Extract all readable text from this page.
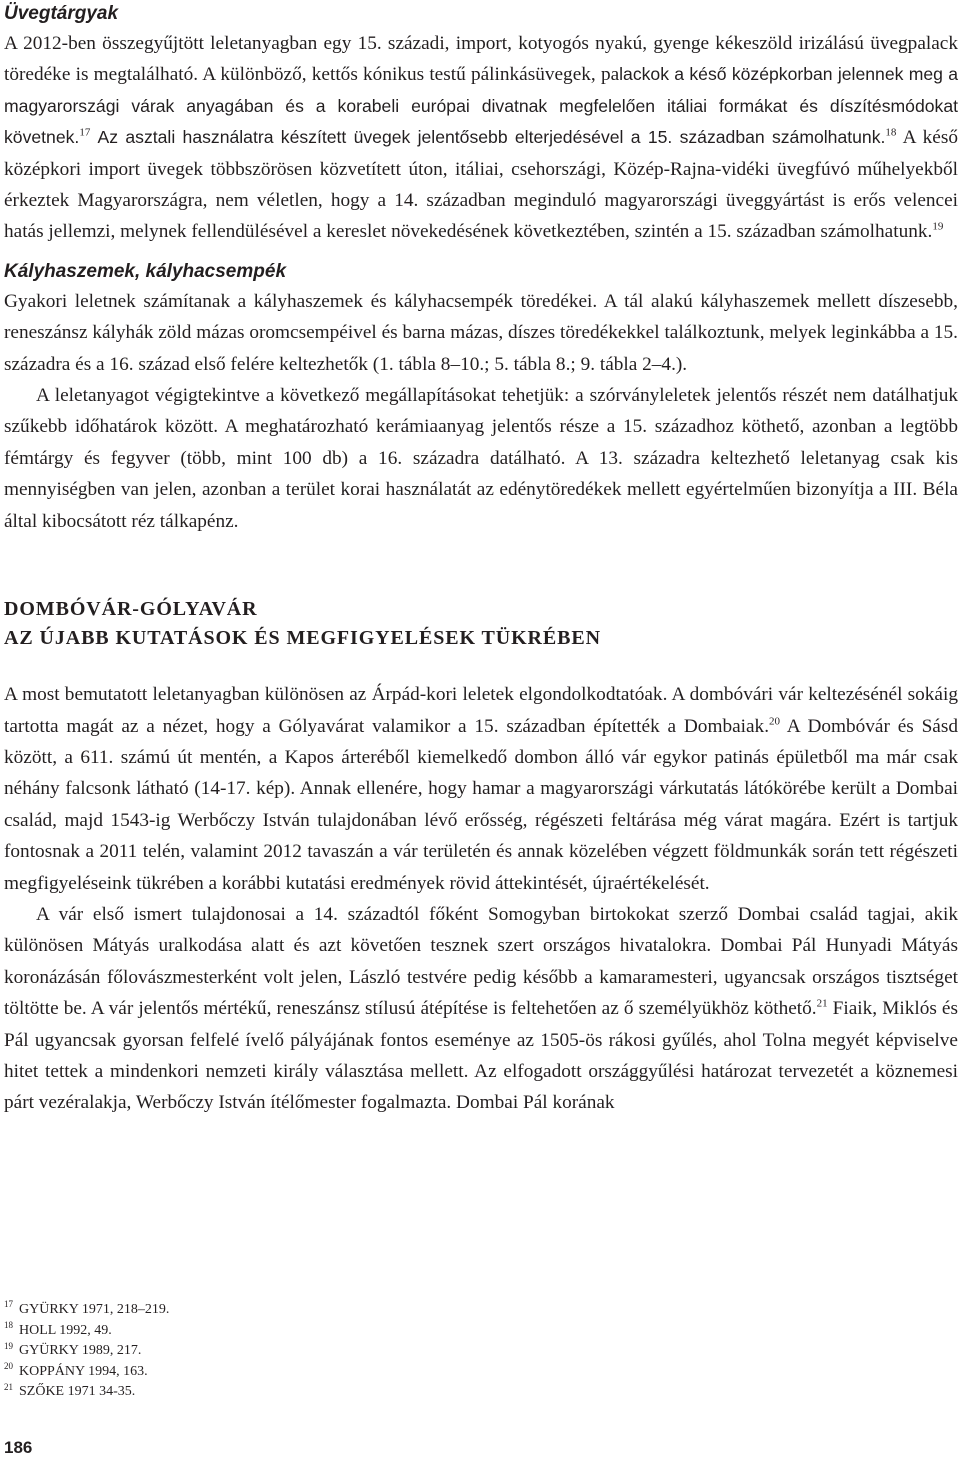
Üvegtárgyak

A 2012-ben összegyűjtött leletanyagban egy 15. századi, import, kotyogós nyakú, gyenge kékeszöld irizálású üvegpalack töredéke is megtalálható. A különböző, kettős kónikus testű pálinkásüvegek, palackok a késő középkorban jelennek meg a magyarországi várak anyagában és a korabeli európai divatnak megfelelően itáliai formákat és díszítésmódokat követnek.$^{17}$ Az asztali használatra készített üvegek jelentősebb elterjedésével a 15. században számolhatunk.$^{18}$ A késő középkori import üvegek többszörösen közvetített úton, itáliai, csehországi, Közép-Rajna-vidéki üvegfúvó műhelyekből érkeztek Magyarországra, nem véletlen, hogy a 14. században meginduló magyarországi üveggyártást is erős velencei hatás jellemzi, melynek fellendülésével a kereslet növekedésének következtében, szintén a 15. században számolhatunk.$^{19}$

Kályhaszemek, kályhacsempék

Gyakori leletnek számítanak a kályhaszemek és kályhacsempék töredékei. A tál alakú kályhaszemek mellett díszesebb, reneszánsz kályhák zöld mázas oromcsempéivel és barna mázas, díszes töredékekkel találkoztunk, melyek leginkábba a 15. századra és a 16. század első felére keltezhetők (1. tábla 8–10.; 5. tábla 8.; 9. tábla 2–4.).

A leletanyagot végigtekintve a következő megállapításokat tehetjük: a szórványleletek jelentős részét nem datálhatjuk szűkebb időhatárok között. A meghatározható kerámiaanyag jelentős része a 15. századhoz köthető, azonban a legtöbb fémtárgy és fegyver (több, mint 100 db) a 16. századra datálható. A 13. századra keltezhető leletanyag csak kis mennyiségben van jelen, azonban a terület korai használatát az edénytöredékek mellett egyértelműen bizonyítja a III. Béla által kibocsátott réz tálkapénz.

DOMBÓVÁR-GÓLYAVÁR
AZ ÚJABB KUTATÁSOK ÉS MEGFIGYELÉSEK TÜKRÉBEN

A most bemutatott leletanyagban különösen az Árpád-kori leletek elgondolkodtatóak. A dombóvári vár keltezésénél sokáig tartotta magát az a nézet, hogy a Gólyavárat valamikor a 15. században építették a Dombaiak.$^{20}$ A Dombóvár és Sásd között, a 611. számú út mentén, a Kapos árteréből kiemelkedő dombon álló vár egykor patinás épületből ma már csak néhány falcsonk látható (14-17. kép). Annak ellenére, hogy hamar a magyarországi várkutatás látókörébe került a Dombai család, majd 1543-ig Werbőczy István tulajdonában lévő erősség, régészeti feltárása még várat magára. Ezért is tartjuk fontosnak a 2011 telén, valamint 2012 tavaszán a vár területén és annak közelében végzett földmunkák során tett régészeti megfigyeléseink tükrében a korábbi kutatási eredmények rövid áttekintését, újraértékelését.

A vár első ismert tulajdonosai a 14. századtól főként Somogyban birtokokat szerző Dombai család tagjai, akik különösen Mátyás uralkodása alatt és azt követően tesznek szert országos hivatalokra. Dombai Pál Hunyadi Mátyás koronázásán főlovászmesterként volt jelen, László testvére pedig később a kamaramesteri, ugyancsak országos tisztséget töltötte be. A vár jelentős mértékű, reneszánsz stílusú átépítése is feltehetően az ő személyükhöz köthető.$^{21}$ Fiaik, Miklós és Pál ugyancsak gyorsan felfelé ívelő pályájának fontos eseménye az 1505-ös rákosi gyűlés, ahol Tolna megyét képviselve hitet tettek a mindenkori nemzeti király választása mellett. Az elfogadott országgyűlési határozat tervezetét a köznemesi párt vezéralakja, Werbőczy István ítélőmester fogalmazta. Dombai Pál korának

$^{17}$ GYÜRKY 1971, 218–219.

$^{18}$ HOLL 1992, 49.

$^{19}$ GYÜRKY 1989, 217.

$^{20}$ KOPPÁNY 1994, 163.

$^{21}$ SZŐKE 1971 34-35.

186
